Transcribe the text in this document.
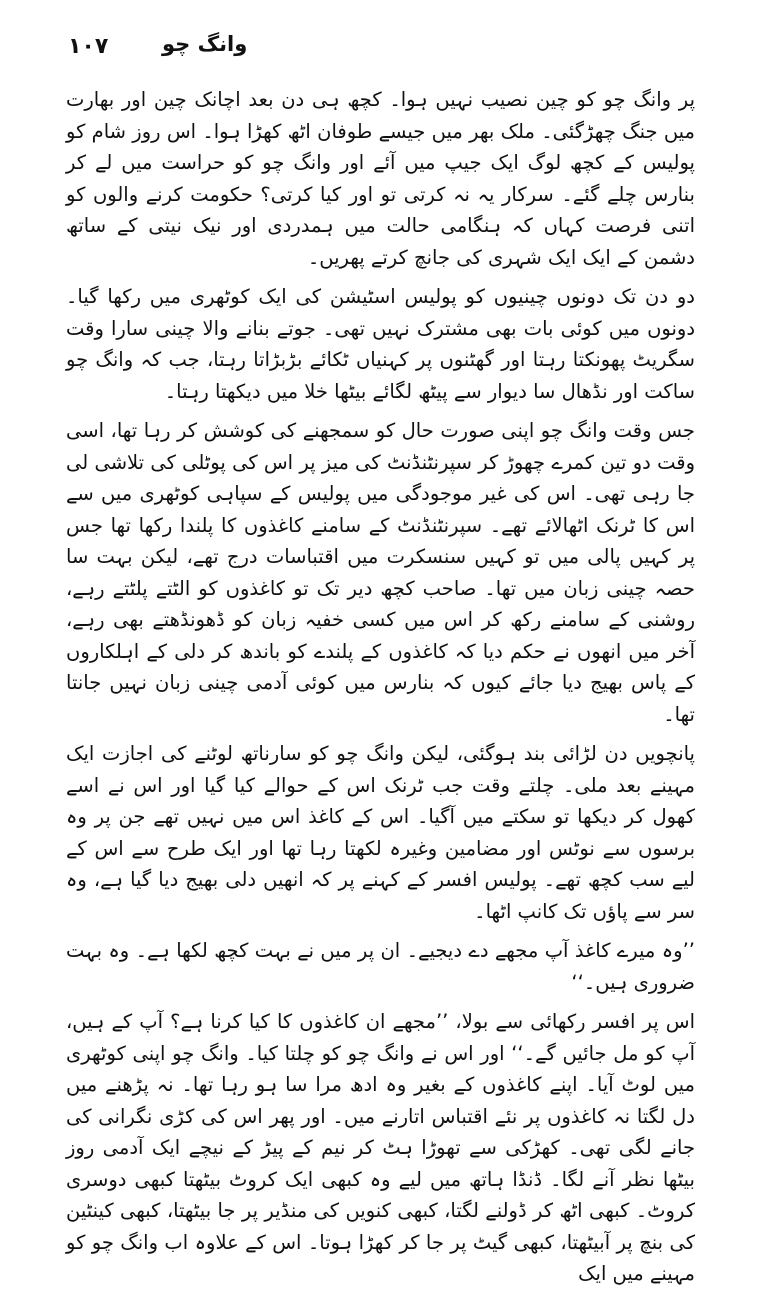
۱۰۷	وانگ چو

پر وانگ چو کو چین نصیب نہیں ہوا۔ کچھ ہی دن بعد اچانک چین اور بھارت میں جنگ چھڑگئی۔ ملک بھر میں جیسے طوفان اٹھ کھڑا ہوا۔ اس روز شام کو پولیس کے کچھ لوگ ایک جیپ میں آئے اور وانگ چو کو حراست میں لے کر بنارس چلے گئے۔ سرکار یہ نہ کرتی تو اور کیا کرتی؟ حکومت کرنے والوں کو اتنی فرصت کہاں کہ ہنگامی حالت میں ہمدردی اور نیک نیتی کے ساتھ دشمن کے ایک ایک شہری کی جانچ کرتے پھریں۔

دو دن تک دونوں چینیوں کو پولیس اسٹیشن کی ایک کوٹھری میں رکھا گیا۔ دونوں میں کوئی بات بھی مشترک نہیں تھی۔ جوتے بنانے والا چینی سارا وقت سگریٹ پھونکتا رہتا اور گھٹنوں پر کہنیاں ٹکائے بڑبڑاتا رہتا، جب کہ وانگ چو ساکت اور نڈھال سا دیوار سے پیٹھ لگائے بیٹھا خلا میں دیکھتا رہتا۔

جس وقت وانگ چو اپنی صورت حال کو سمجھنے کی کوشش کر رہا تھا، اسی وقت دو تین کمرے چھوڑ کر سپرنٹنڈنٹ کی میز پر اس کی پوٹلی کی تلاشی لی جا رہی تھی۔ اس کی غیر موجودگی میں پولیس کے سپاہی کوٹھری میں سے اس کا ٹرنک اٹھالائے تھے۔ سپرنٹنڈنٹ کے سامنے کاغذوں کا پلندا رکھا تھا جس پر کہیں پالی میں تو کہیں سنسکرت میں اقتباسات درج تھے، لیکن بہت سا حصہ چینی زبان میں تھا۔ صاحب کچھ دیر تک تو کاغذوں کو الٹتے پلٹتے رہے، روشنی کے سامنے رکھ کر اس میں کسی خفیہ زبان کو ڈھونڈھتے بھی رہے، آخر میں انھوں نے حکم دیا کہ کاغذوں کے پلندے کو باندھ کر دلی کے اہلکاروں کے پاس بھیج دیا جائے کیوں کہ بنارس میں کوئی آدمی چینی زبان نہیں جانتا تھا۔

پانچویں دن لڑائی بند ہوگئی، لیکن وانگ چو کو سارناتھ لوٹنے کی اجازت ایک مہینے بعد ملی۔ چلتے وقت جب ٹرنک اس کے حوالے کیا گیا اور اس نے اسے کھول کر دیکھا تو سکتے میں آگیا۔ اس کے کاغذ اس میں نہیں تھے جن پر وہ برسوں سے نوٹس اور مضامین وغیرہ لکھتا رہا تھا اور ایک طرح سے اس کے لیے سب کچھ تھے۔ پولیس افسر کے کہنے پر کہ انھیں دلی بھیج دیا گیا ہے، وہ سر سے پاؤں تک کانپ اٹھا۔

’’وہ میرے کاغذ آپ مجھے دے دیجیے۔ ان پر میں نے بہت کچھ لکھا ہے۔ وہ بہت ضروری ہیں۔‘‘

اس پر افسر رکھائی سے بولا، ’’مجھے ان کاغذوں کا کیا کرنا ہے؟ آپ کے ہیں، آپ کو مل جائیں گے۔‘‘ اور اس نے وانگ چو کو چلتا کیا۔ وانگ چو اپنی کوٹھری میں لوٹ آیا۔ اپنے کاغذوں کے بغیر وہ ادھ مرا سا ہو رہا تھا۔ نہ پڑھنے میں دل لگتا نہ کاغذوں پر نئے اقتباس اتارنے میں۔ اور پھر اس کی کڑی نگرانی کی جانے لگی تھی۔ کھڑکی سے تھوڑا ہٹ کر نیم کے پیڑ کے نیچے ایک آدمی روز بیٹھا نظر آنے لگا۔ ڈنڈا ہاتھ میں لیے وہ کبھی ایک کروٹ بیٹھتا کبھی دوسری کروٹ۔ کبھی اٹھ کر ڈولنے لگتا، کبھی کنویں کی منڈیر پر جا بیٹھتا، کبھی کینٹین کی بنچ پر آبیٹھتا، کبھی گیٹ پر جا کر کھڑا ہوتا۔ اس کے علاوہ اب وانگ چو کو مہینے میں ایک
